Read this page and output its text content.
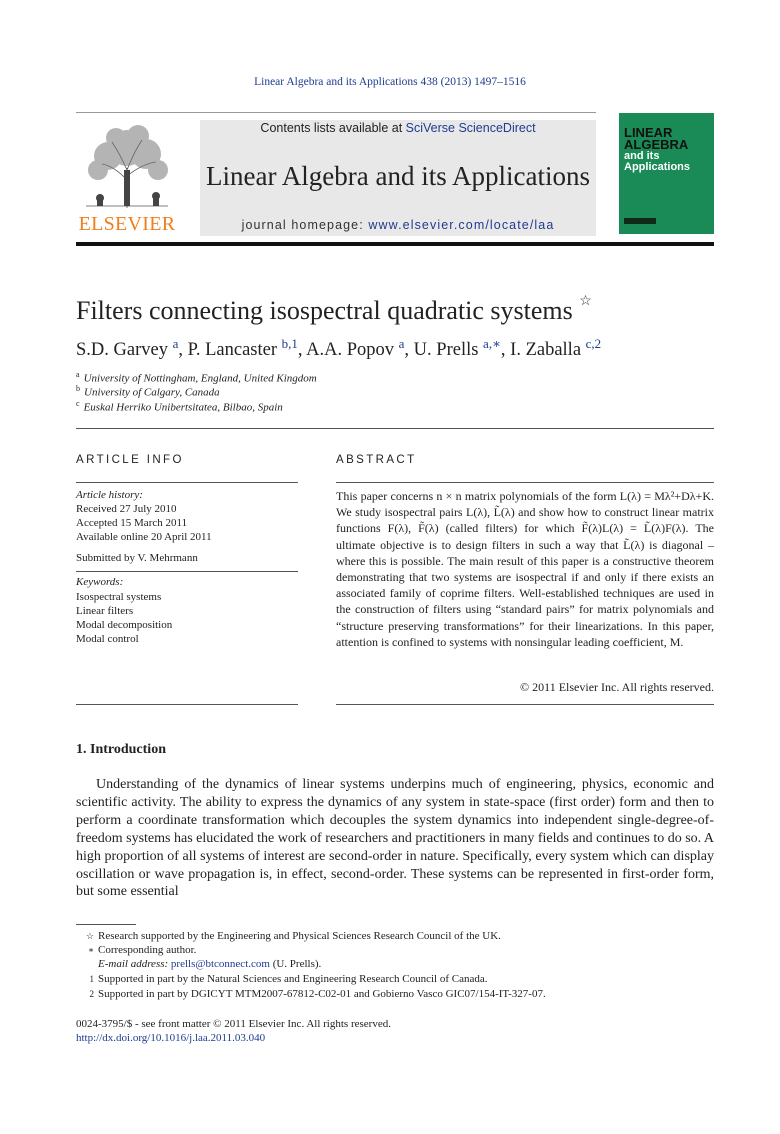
Linear Algebra and its Applications 438 (2013) 1497–1516
ELSEVIER
Contents lists available at SciVerse ScienceDirect
Linear Algebra and its Applications
journal homepage: www.elsevier.com/locate/laa
LINEAR
ALGEBRA

and its
Applications
Filters connecting isospectral quadratic systems ☆
S.D. Garvey $^a$, P. Lancaster $^{b,1}$, A.A. Popov $^a$, U. Prells $^{a,∗}$, I. Zaballa $^{c,2}$
$^a$ University of Nottingham, England, United Kingdom
$^b$ University of Calgary, Canada
$^c$ Euskal Herriko Unibertsitatea, Bilbao, Spain
ARTICLE INFO	ABSTRACT
Article history:
Received 27 July 2010
Accepted 15 March 2011
Available online 20 April 2011
Submitted by V. Mehrmann
Keywords:
Isospectral systems
Linear filters
Modal decomposition
Modal control
This paper concerns n × n matrix polynomials of the form L(λ) = Mλ²+Dλ+K. We study isospectral pairs L(λ), L̃(λ) and show how to construct linear matrix functions F(λ), F̃(λ) (called filters) for which F̃(λ)L(λ) = L̃(λ)F(λ). The ultimate objective is to design filters in such a way that L̃(λ) is diagonal – where this is possible. The main result of this paper is a constructive theorem demonstrating that two systems are isospectral if and only if there exists an associated family of coprime filters. Well-established techniques are used in the construction of filters using “standard pairs” for matrix polynomials and “structure preserving transformations” for their linearizations. In this paper, attention is confined to systems with nonsingular leading coefficient, M.
© 2011 Elsevier Inc. All rights reserved.
1. Introduction

Understanding of the dynamics of linear systems underpins much of engineering, physics, economic and scientific activity. The ability to express the dynamics of any system in state-space (first order) form and then to perform a coordinate transformation which decouples the system dynamics into independent single-degree-of-freedom systems has elucidated the work of researchers and practitioners in many fields and continues to do so. A high proportion of all systems of interest are second-order in nature. Specifically, every system which can display oscillation or wave propagation is, in effect, second-order. These systems can be represented in first-order form, but some essential

☆ Research supported by the Engineering and Physical Sciences Research Council of the UK.
∗ Corresponding author.
E-mail address: prells@btconnect.com (U. Prells).
1 Supported in part by the Natural Sciences and Engineering Research Council of Canada.
2 Supported in part by DGICYT MTM2007-67812-C02-01 and Gobierno Vasco GIC07/154-IT-327-07.
0024-3795/$ - see front matter © 2011 Elsevier Inc. All rights reserved.
http://dx.doi.org/10.1016/j.laa.2011.03.040
